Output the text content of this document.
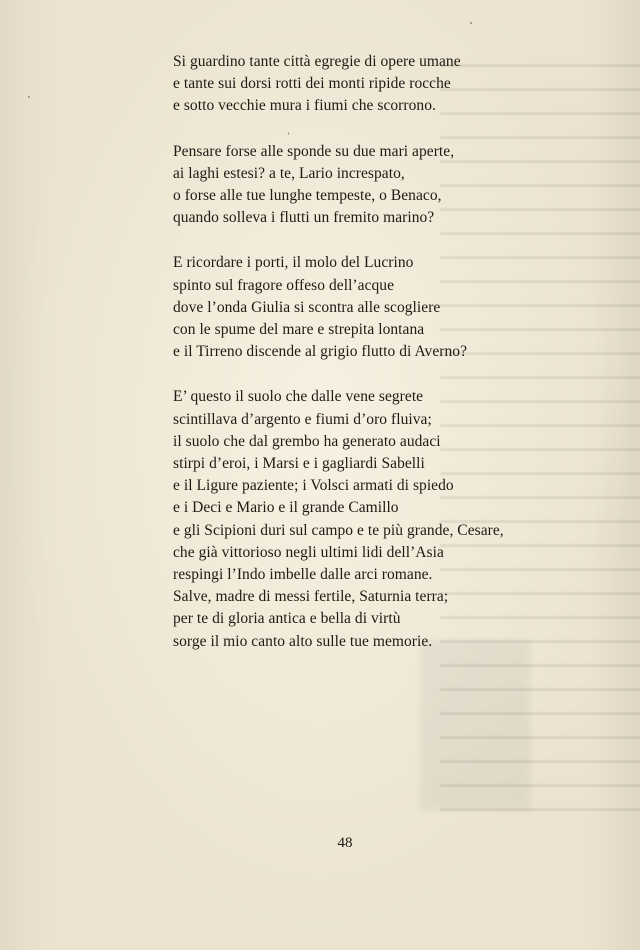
Si guardino tante città egregie di opere umane
e tante sui dorsi rotti dei monti ripide rocche
e sotto vecchie mura i fiumi che scorrono.
Pensare forse alle sponde su due mari aperte,
ai laghi estesi? a te, Lario increspato,
o forse alle tue lunghe tempeste, o Benaco,
quando solleva i flutti un fremito marino?
E ricordare i porti, il molo del Lucrino
spinto sul fragore offeso dell’acque
dove l’onda Giulia si scontra alle scogliere
con le spume del mare e strepita lontana
e il Tirreno discende al grigio flutto di Averno?
E’ questo il suolo che dalle vene segrete
scintillava d’argento e fiumi d’oro fluiva;
il suolo che dal grembo ha generato audaci
stirpi d’eroi, i Marsi e i gagliardi Sabelli
e il Ligure paziente; i Volsci armati di spiedo
e i Deci e Mario e il grande Camillo
e gli Scipioni duri sul campo e te più grande, Cesare,
che già vittorioso negli ultimi lidi dell’Asia
respingi l’Indo imbelle dalle arci romane.
Salve, madre di messi fertile, Saturnia terra;
per te di gloria antica e bella di virtù
sorge il mio canto alto sulle tue memorie.
48
